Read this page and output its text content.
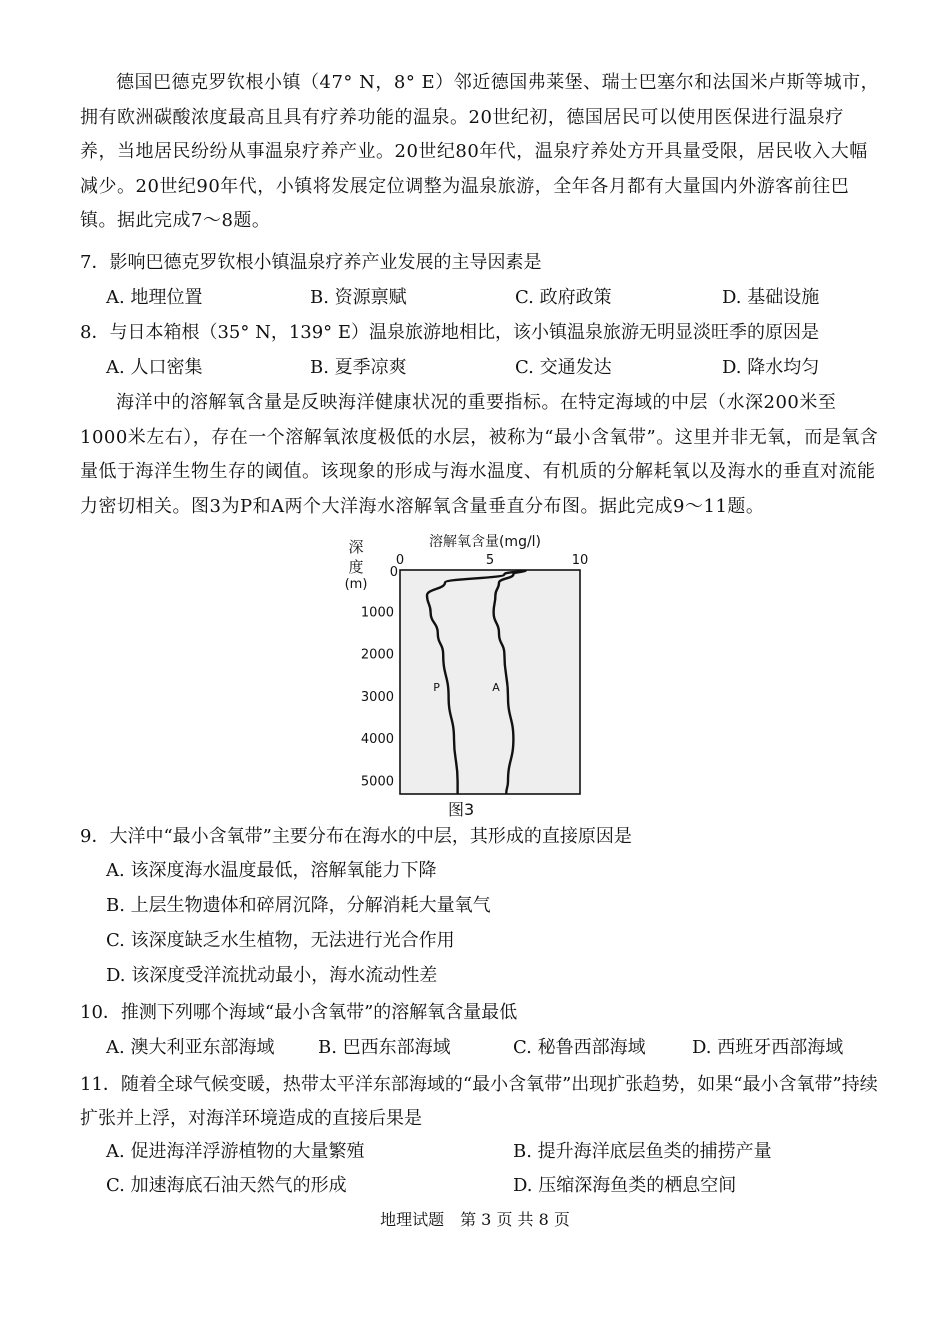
德国巴德克罗钦根小镇（47° N，8° E）邻近德国弗莱堡、瑞士巴塞尔和法国米卢斯等城市，拥有欧洲碳酸浓度最高且具有疗养功能的温泉。20世纪初，德国居民可以使用医保进行温泉疗养，当地居民纷纷从事温泉疗养产业。20世纪80年代，温泉疗养处方开具量受限，居民收入大幅减少。20世纪90年代，小镇将发展定位调整为温泉旅游，全年各月都有大量国内外游客前往巴镇。据此完成7～8题。
7．影响巴德克罗钦根小镇温泉疗养产业发展的主导因素是
A. 地理位置	B. 资源禀赋	C. 政府政策	D. 基础设施
8．与日本箱根（35° N，139° E）温泉旅游地相比，该小镇温泉旅游无明显淡旺季的原因是
A. 人口密集	B. 夏季凉爽	C. 交通发达	D. 降水均匀
海洋中的溶解氧含量是反映海洋健康状况的重要指标。在特定海域的中层（水深200米至1000米左右），存在一个溶解氧浓度极低的水层，被称为“最小含氧带”。这里并非无氧，而是氧含量低于海洋生物生存的阈值。该现象的形成与海水温度、有机质的分解耗氧以及海水的垂直对流能力密切相关。图3为P和A两个大洋海水溶解氧含量垂直分布图。据此完成9～11题。
溶解氧含量(mg/l)
0	5	10
0
1000
2000
3000
4000
5000
深
度
(m)
P	A
图3
9．大洋中“最小含氧带”主要分布在海水的中层，其形成的直接原因是
A. 该深度海水温度最低，溶解氧能力下降
B. 上层生物遗体和碎屑沉降，分解消耗大量氧气
C. 该深度缺乏水生植物，无法进行光合作用
D. 该深度受洋流扰动最小，海水流动性差
10．推测下列哪个海域“最小含氧带”的溶解氧含量最低
A. 澳大利亚东部海域 B. 巴西东部海域	C. 秘鲁西部海域	D. 西班牙西部海域
11．随着全球气候变暖，热带太平洋东部海域的“最小含氧带”出现扩张趋势，如果“最小含氧带”持续扩张并上浮，对海洋环境造成的直接后果是
A. 促进海洋浮游植物的大量繁殖	B. 提升海洋底层鱼类的捕捞产量
C. 加速海底石油天然气的形成	D. 压缩深海鱼类的栖息空间
地理试题　第 3 页 共 8 页
